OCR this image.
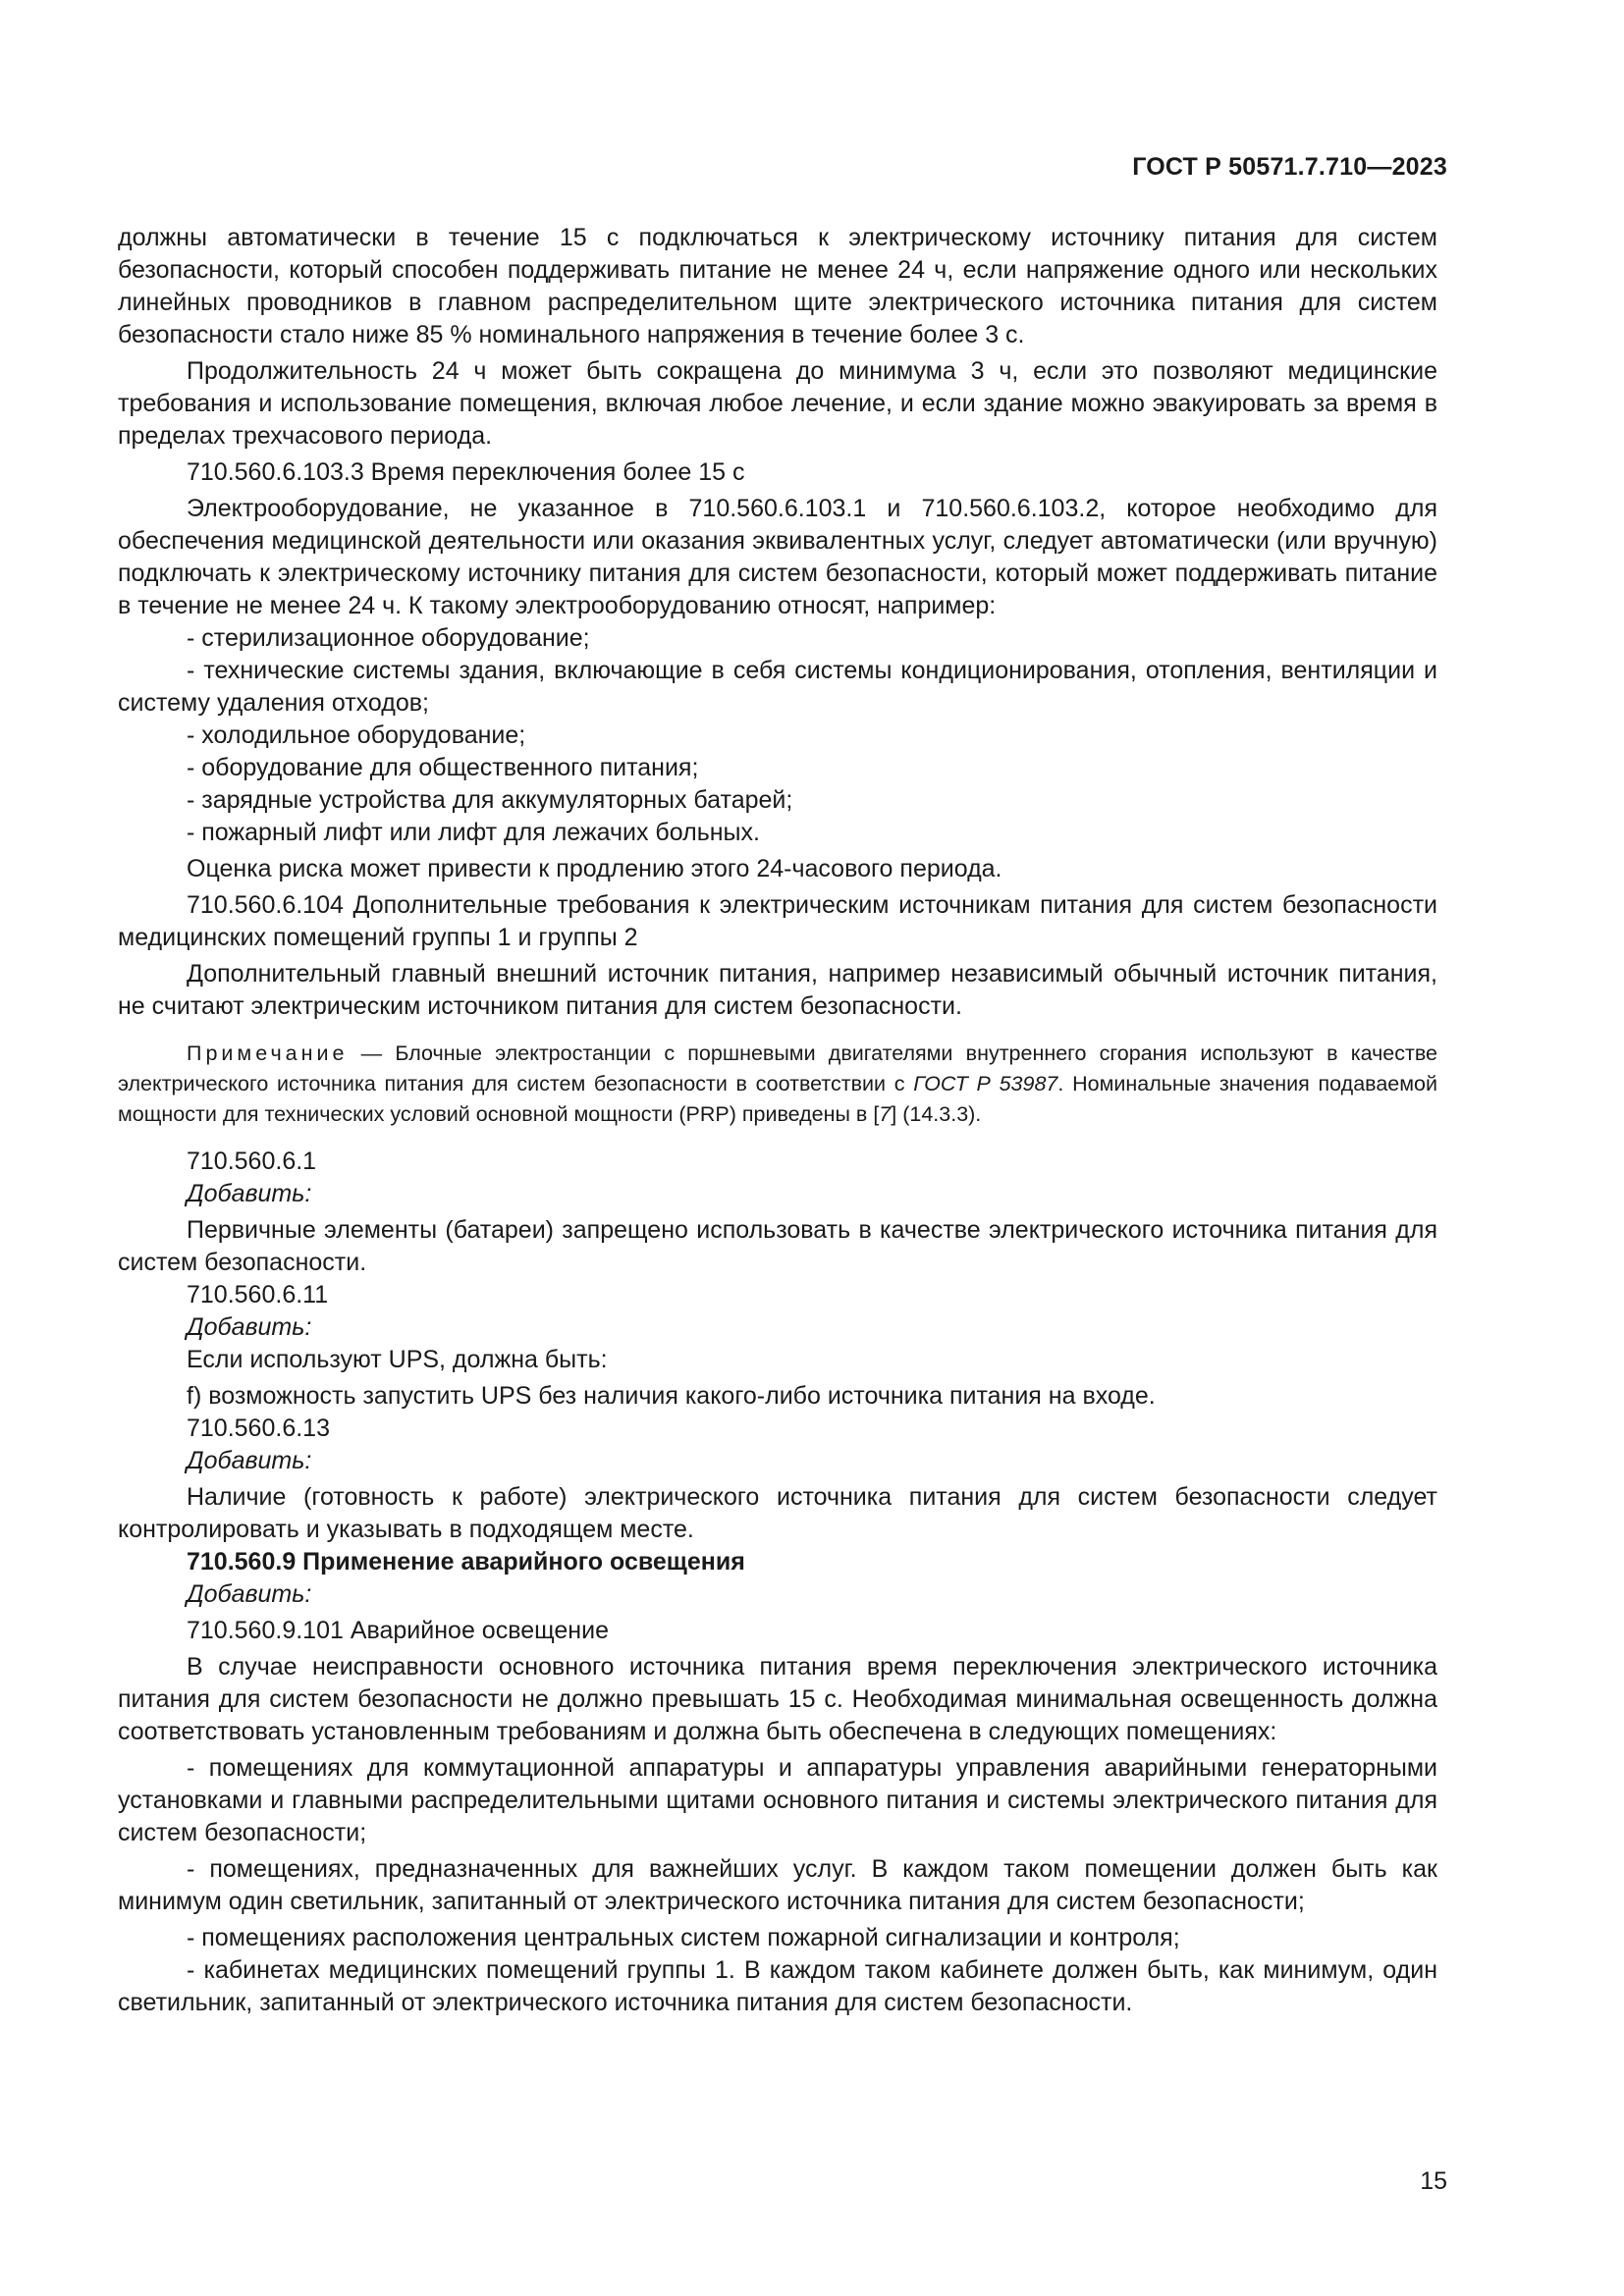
ГОСТ Р 50571.7.710—2023

должны автоматически в течение 15 с подключаться к электрическому источнику питания для систем безопасности, который способен поддерживать питание не менее 24 ч, если напряжение одного или нескольких линейных проводников в главном распределительном щите электрического источника питания для систем безопасности стало ниже 85 % номинального напряжения в течение более 3 с.

Продолжительность 24 ч может быть сокращена до минимума 3 ч, если это позволяют медицинские требования и использование помещения, включая любое лечение, и если здание можно эвакуировать за время в пределах трехчасового периода.

710.560.6.103.3 Время переключения более 15 с

Электрооборудование, не указанное в 710.560.6.103.1 и 710.560.6.103.2, которое необходимо для обеспечения медицинской деятельности или оказания эквивалентных услуг, следует автоматически (или вручную) подключать к электрическому источнику питания для систем безопасности, который может поддерживать питание в течение не менее 24 ч. К такому электрооборудованию относят, например:

- стерилизационное оборудование;

- технические системы здания, включающие в себя системы кондиционирования, отопления, вентиляции и систему удаления отходов;

- холодильное оборудование;

- оборудование для общественного питания;

- зарядные устройства для аккумуляторных батарей;

- пожарный лифт или лифт для лежачих больных.

Оценка риска может привести к продлению этого 24-часового периода.

710.560.6.104 Дополнительные требования к электрическим источникам питания для систем безопасности медицинских помещений группы 1 и группы 2

Дополнительный главный внешний источник питания, например независимый обычный источник питания, не считают электрическим источником питания для систем безопасности.

Примечание — Блочные электростанции с поршневыми двигателями внутреннего сгорания используют в качестве электрического источника питания для систем безопасности в соответствии с ГОСТ Р 53987. Номинальные значения подаваемой мощности для технических условий основной мощности (PRP) приведены в [7] (14.3.3).

710.560.6.1

Добавить:

Первичные элементы (батареи) запрещено использовать в качестве электрического источника питания для систем безопасности.

710.560.6.11

Добавить:

Если используют UPS, должна быть:

f) возможность запустить UPS без наличия какого-либо источника питания на входе.

710.560.6.13

Добавить:

Наличие (готовность к работе) электрического источника питания для систем безопасности следует контролировать и указывать в подходящем месте.

710.560.9 Применение аварийного освещения

Добавить:

710.560.9.101 Аварийное освещение

В случае неисправности основного источника питания время переключения электрического источника питания для систем безопасности не должно превышать 15 с. Необходимая минимальная освещенность должна соответствовать установленным требованиям и должна быть обеспечена в следующих помещениях:

- помещениях для коммутационной аппаратуры и аппаратуры управления аварийными генераторными установками и главными распределительными щитами основного питания и системы электрического питания для систем безопасности;

- помещениях, предназначенных для важнейших услуг. В каждом таком помещении должен быть как минимум один светильник, запитанный от электрического источника питания для систем безопасности;

- помещениях расположения центральных систем пожарной сигнализации и контроля;

- кабинетах медицинских помещений группы 1. В каждом таком кабинете должен быть, как минимум, один светильник, запитанный от электрического источника питания для систем безопасности.

15
